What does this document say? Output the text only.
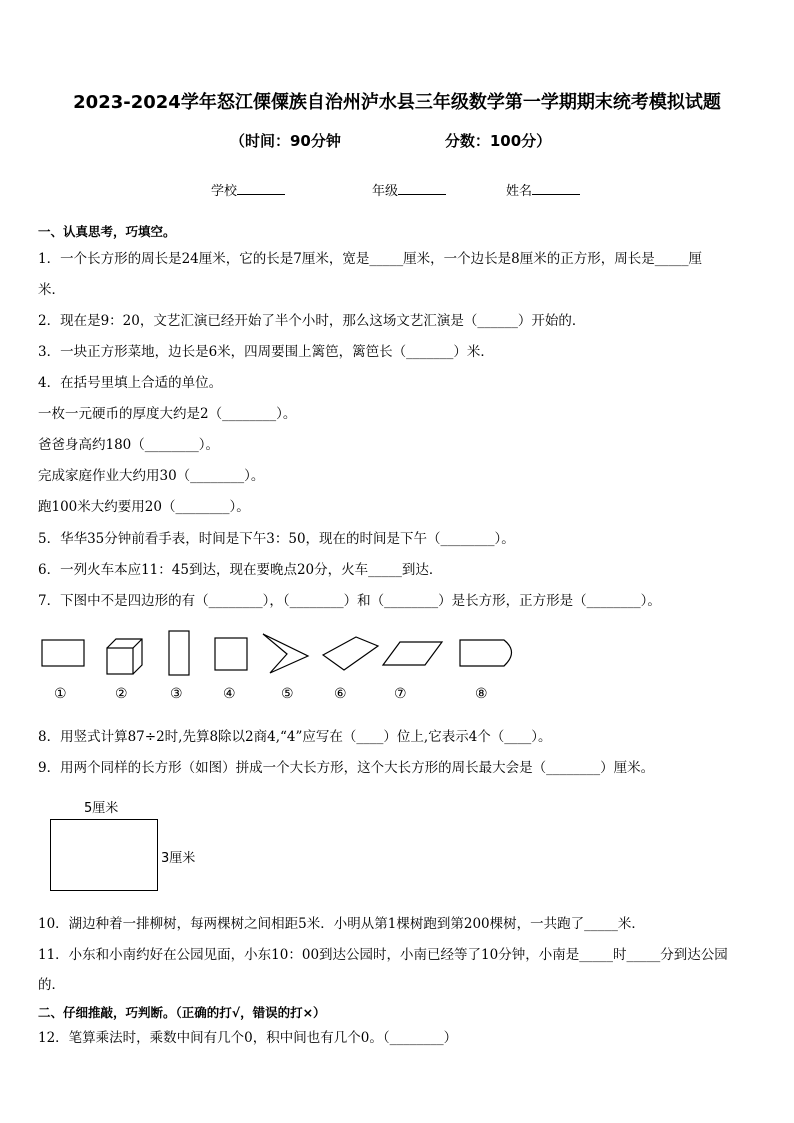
2023-2024学年怒江傈僳族自治州泸水县三年级数学第一学期期末统考模拟试题
（时间：90分钟	分数：100分）
学校	年级	姓名
一、认真思考，巧填空。
1．一个长方形的周长是24厘米，它的长是7厘米，宽是_____厘米，一个边长是8厘米的正方形，周长是_____厘
米．
2．现在是9：20，文艺汇演已经开始了半个小时，那么这场文艺汇演是（______）开始的．
3．一块正方形菜地，边长是6米，四周要围上篱笆，篱笆长（_______）米．
4．在括号里填上合适的单位。
一枚一元硬币的厚度大约是2（________）。
爸爸身高约180（________）。
完成家庭作业大约用30（________）。
跑100米大约要用20（________）。
5．华华35分钟前看手表，时间是下午3：50，现在的时间是下午（________）。
6．一列火车本应11：45到达，现在要晚点20分，火车_____到达．
7．下图中不是四边形的有（________），（________）和（________）是长方形，正方形是（________）。
①	②	③	④	⑤	⑥	⑦	⑧
8．用竖式计算87÷2时,先算8除以2商4,“4”应写在（____）位上,它表示4个（____）。
9．用两个同样的长方形（如图）拼成一个大长方形，这个大长方形的周长最大会是（________）厘米。
5厘米
3厘米
10．湖边种着一排柳树，每两棵树之间相距5米．小明从第1棵树跑到第200棵树，一共跑了_____米．
11．小东和小南约好在公园见面，小东10：00到达公园时，小南已经等了10分钟，小南是_____时_____分到达公园
的．
二、仔细推敲，巧判断。（正确的打√，错误的打×）
12．笔算乘法时，乘数中间有几个0，积中间也有几个0。（________）
